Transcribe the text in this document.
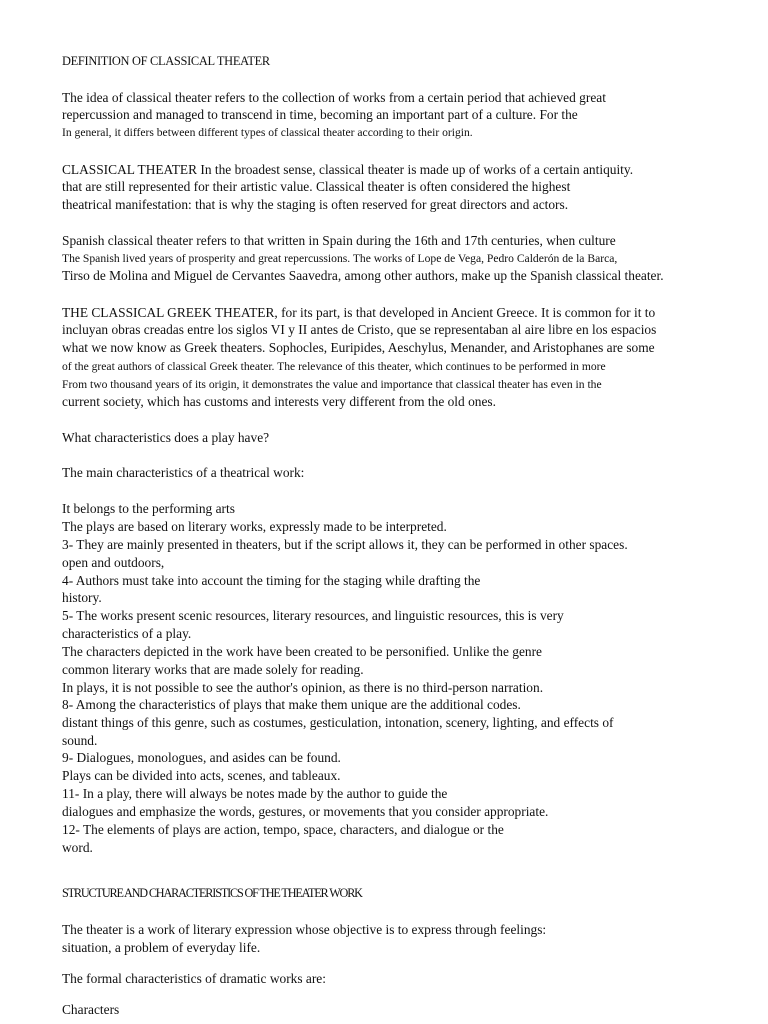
DEFINITION OF CLASSICAL THEATER
The idea of classical theater refers to the collection of works from a certain period that achieved great
repercussion and managed to transcend in time, becoming an important part of a culture. For the
In general, it differs between different types of classical theater according to their origin.
CLASSICAL THEATER In the broadest sense, classical theater is made up of works of a certain antiquity.
that are still represented for their artistic value. Classical theater is often considered the highest
theatrical manifestation: that is why the staging is often reserved for great directors and actors.
Spanish classical theater refers to that written in Spain during the 16th and 17th centuries, when culture
The Spanish lived years of prosperity and great repercussions. The works of Lope de Vega, Pedro Calderón de la Barca,
Tirso de Molina and Miguel de Cervantes Saavedra, among other authors, make up the Spanish classical theater.
THE CLASSICAL GREEK THEATER, for its part, is that developed in Ancient Greece. It is common for it to
incluyan obras creadas entre los siglos VI y II antes de Cristo, que se representaban al aire libre en los espacios
what we now know as Greek theaters. Sophocles, Euripides, Aeschylus, Menander, and Aristophanes are some
of the great authors of classical Greek theater. The relevance of this theater, which continues to be performed in more
From two thousand years of its origin, it demonstrates the value and importance that classical theater has even in the
current society, which has customs and interests very different from the old ones.
What characteristics does a play have?
The main characteristics of a theatrical work:
It belongs to the performing arts
The plays are based on literary works, expressly made to be interpreted.
3- They are mainly presented in theaters, but if the script allows it, they can be performed in other spaces.
open and outdoors,
4- Authors must take into account the timing for the staging while drafting the
history.
5- The works present scenic resources, literary resources, and linguistic resources, this is very
characteristics of a play.
The characters depicted in the work have been created to be personified. Unlike the genre
common literary works that are made solely for reading.
In plays, it is not possible to see the author's opinion, as there is no third-person narration.
8- Among the characteristics of plays that make them unique are the additional codes.
distant things of this genre, such as costumes, gesticulation, intonation, scenery, lighting, and effects of
sound.
9- Dialogues, monologues, and asides can be found.
Plays can be divided into acts, scenes, and tableaux.
11- In a play, there will always be notes made by the author to guide the
dialogues and emphasize the words, gestures, or movements that you consider appropriate.
12- The elements of plays are action, tempo, space, characters, and dialogue or the
word.
STRUCTURE AND CHARACTERISTICS OF THE THEATER WORK
The theater is a work of literary expression whose objective is to express through feelings:
situation, a problem of everyday life.
The formal characteristics of dramatic works are:
Characters
